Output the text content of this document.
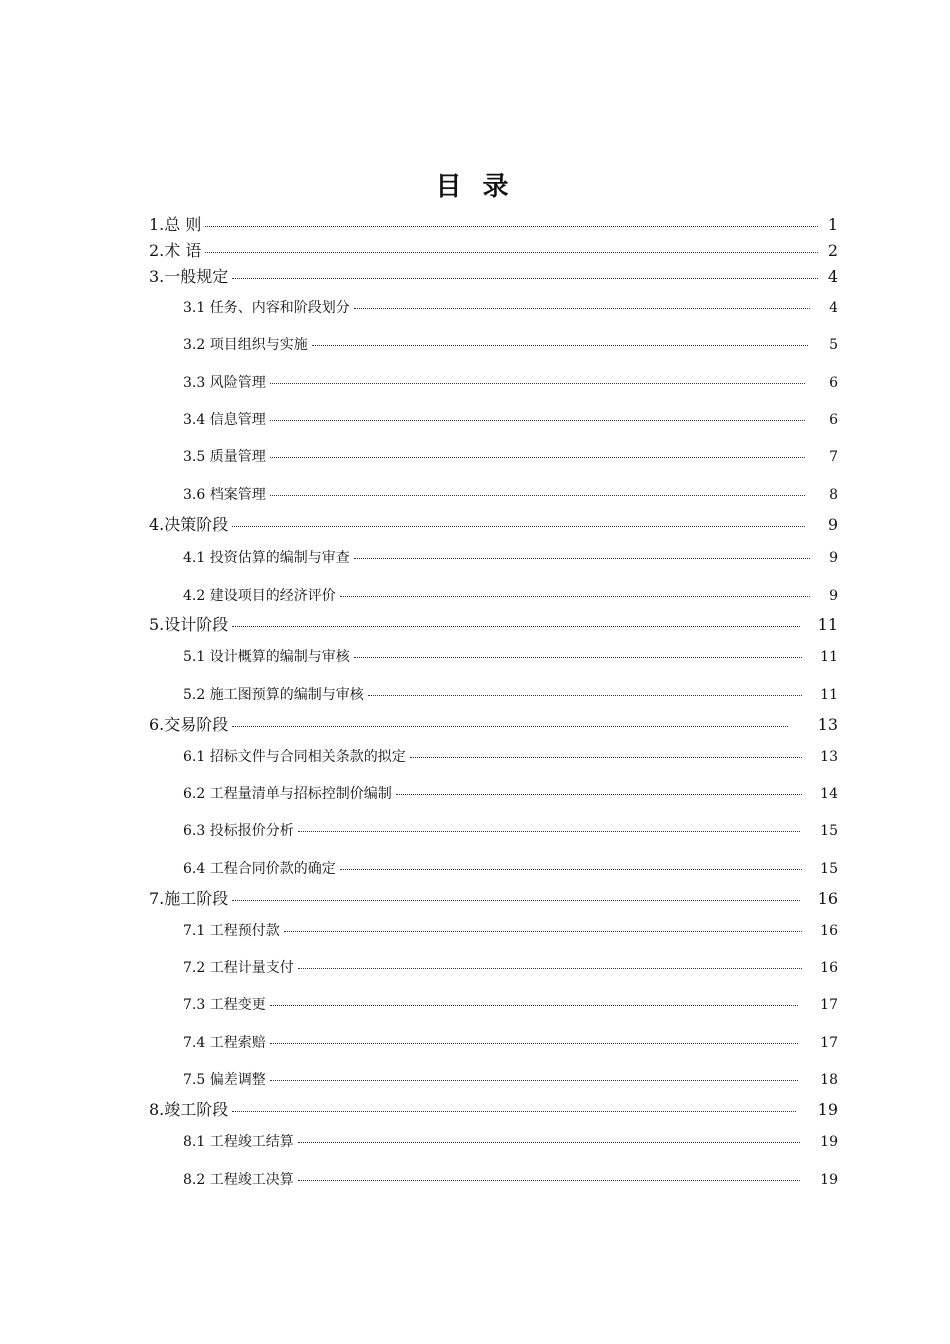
目 录
1.总 则	1
2.术 语	2
3.一般规定	4
3.1 任务、内容和阶段划分	4
3.2 项目组织与实施	5
3.3 风险管理	6
3.4 信息管理	6
3.5 质量管理	7
3.6 档案管理	8
4.决策阶段	9
4.1 投资估算的编制与审查	9
4.2 建设项目的经济评价	9
5.设计阶段	11
5.1 设计概算的编制与审核	11
5.2 施工图预算的编制与审核	11
6.交易阶段	13
6.1 招标文件与合同相关条款的拟定	13
6.2 工程量清单与招标控制价编制	14
6.3 投标报价分析	15
6.4 工程合同价款的确定	15
7.施工阶段	16
7.1 工程预付款	16
7.2 工程计量支付	16
7.3 工程变更	17
7.4 工程索赔	17
7.5 偏差调整	18
8.竣工阶段	19
8.1 工程竣工结算	19
8.2 工程竣工决算	19
